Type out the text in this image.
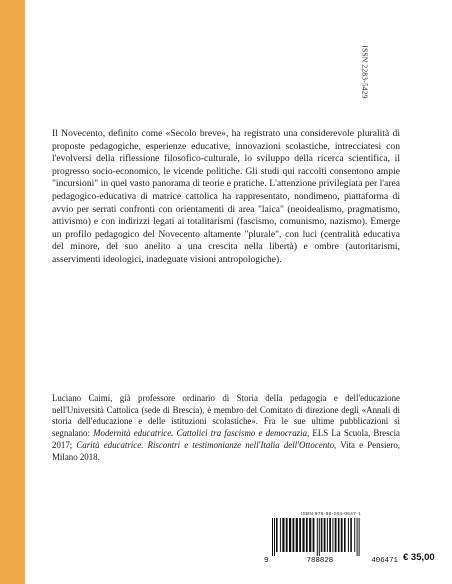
ISSN 2283-5429

Il Novecento, definito come «Secolo breve», ha registrato una considerevole pluralità di proposte pedagogiche, esperienze educative, innovazioni scolastiche, intrecciatesi con l'evolversi della riflessione filosofico-culturale, lo sviluppo della ricerca scientifica, il progresso socio-economico, le vicende politiche. Gli studi qui raccolti consentono ampie "incursioni" in quel vasto panorama di teorie e pratiche. L'attenzione privilegiata per l'area pedagogico-educativa di matrice cattolica ha rappresentato, nondimeno, piattaforma di avvio per serrati confronti con orientamenti di area "laica" (neoidealismo, pragmatismo, attivismo) e con indirizzi legati ai totalitarismi (fascismo, comunismo, nazismo). Emerge un profilo pedagogico del Novecento altamente "plurale", con luci (centralità educativa del minore, del suo anelito a una crescita nella libertà) e ombre (autoritarismi, asservimenti ideologici, inadeguate visioni antropologiche).

Luciano Caimi, già professore ordinario di Storia della pedagogia e dell'educazione nell'Università Cattolica (sede di Brescia), è membro del Comitato di direzione degli «Annali di storia dell'educazione e delle istituzioni scolastiche». Fra le sue ultime pubblicazioni si segnalano: Modernità educatrice. Cattolici tra fascismo e democrazia, ELS La Scuola, Brescia 2017; Carità educatrice. Riscontri e testimonianze nell'Italia dell'Ottocento, Vita e Pensiero, Milano 2018.

ISBN 978-88-284-0647-1
9	788828	406471 € 35,00
